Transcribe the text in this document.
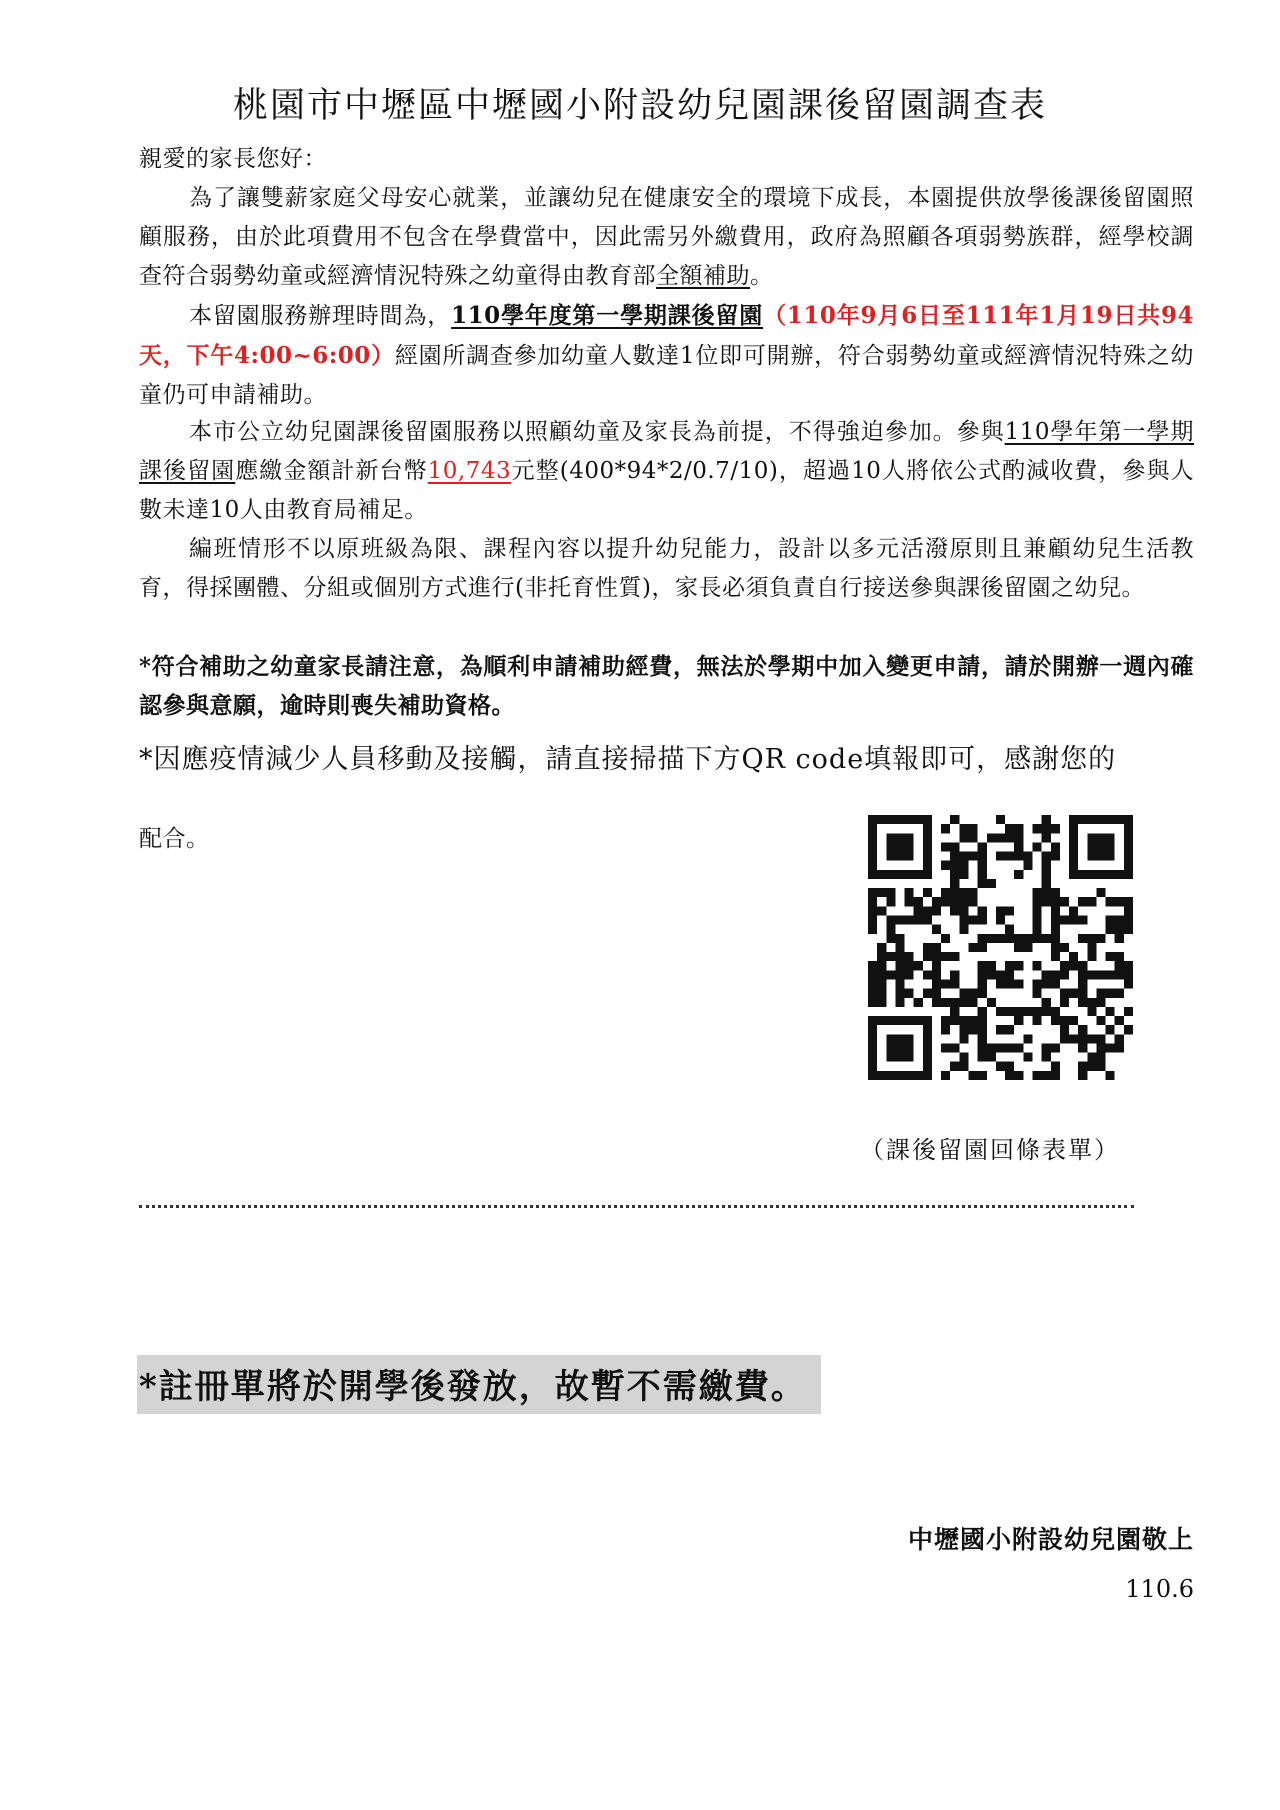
桃園市中壢區中壢國小附設幼兒園課後留園調查表
親愛的家長您好：
為了讓雙薪家庭父母安心就業，並讓幼兒在健康安全的環境下成長，本園提供放學後課後留園照顧服務，由於此項費用不包含在學費當中，因此需另外繳費用，政府為照顧各項弱勢族群，經學校調查符合弱勢幼童或經濟情況特殊之幼童得由教育部全額補助。
本留園服務辦理時間為，110學年度第一學期課後留園（110年9月6日至111年1月19日共94天，下午4:00~6:00）經園所調查參加幼童人數達1位即可開辦，符合弱勢幼童或經濟情況特殊之幼童仍可申請補助。
本市公立幼兒園課後留園服務以照顧幼童及家長為前提，不得強迫參加。參與110學年第一學期課後留園應繳金額計新台幣10,743元整(400*94*2/0.7/10)，超過10人將依公式酌減收費，參與人數未達10人由教育局補足。
編班情形不以原班級為限、課程內容以提升幼兒能力，設計以多元活潑原則且兼顧幼兒生活教育，得採團體、分組或個別方式進行(非托育性質)，家長必須負責自行接送參與課後留園之幼兒。
*符合補助之幼童家長請注意，為順利申請補助經費，無法於學期中加入變更申請，請於開辦一週內確認參與意願，逾時則喪失補助資格。
*因應疫情減少人員移動及接觸，請直接掃描下方QR code填報即可，感謝您的
配合。
（課後留園回條表單）
*註冊單將於開學後發放，故暫不需繳費。
中壢國小附設幼兒園敬上
110.6
